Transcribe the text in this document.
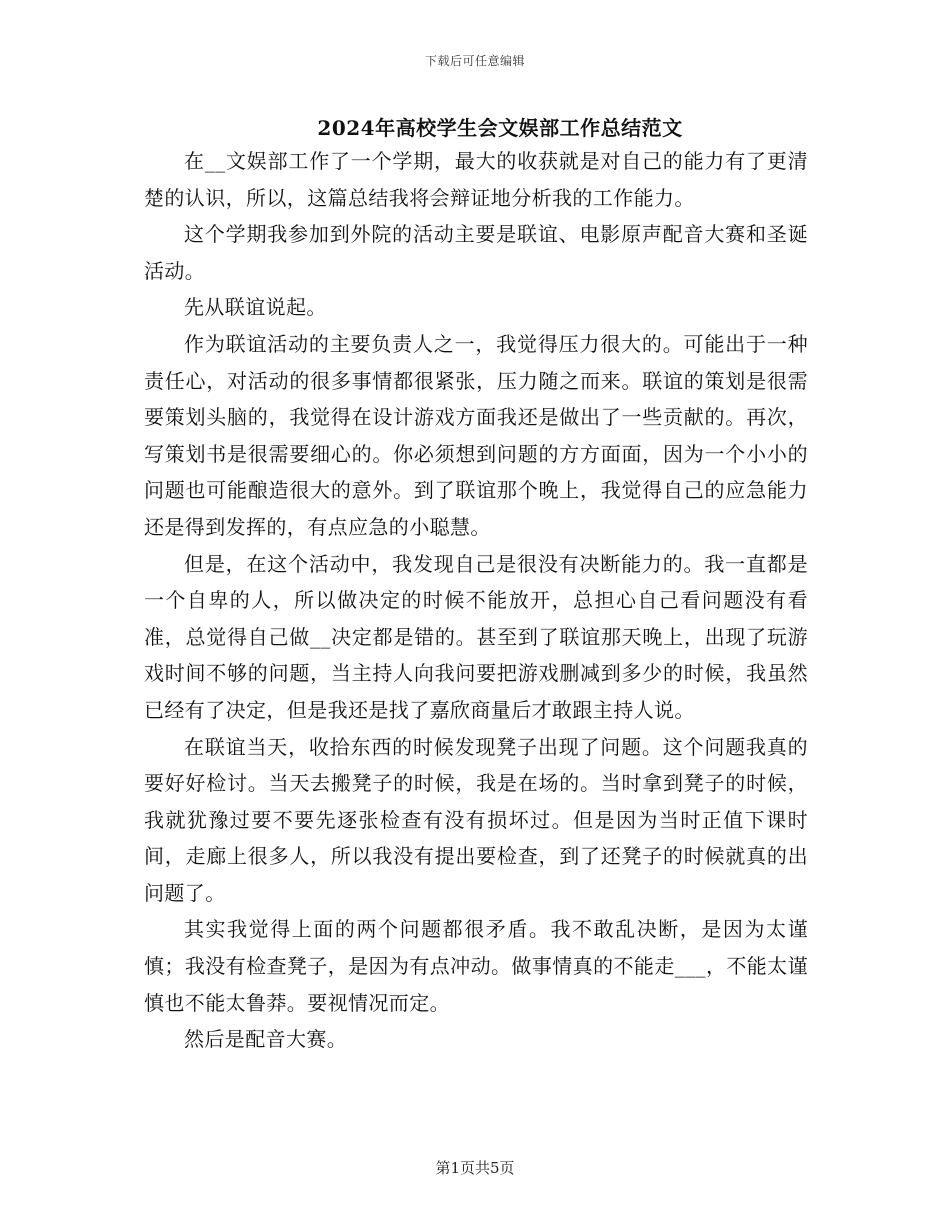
下载后可任意编辑
2024年高校学生会文娱部工作总结范文

在__文娱部工作了一个学期，最大的收获就是对自己的能力有了更清楚的认识，所以，这篇总结我将会辩证地分析我的工作能力。

这个学期我参加到外院的活动主要是联谊、电影原声配音大赛和圣诞活动。

先从联谊说起。

作为联谊活动的主要负责人之一，我觉得压力很大的。可能出于一种责任心，对活动的很多事情都很紧张，压力随之而来。联谊的策划是很需要策划头脑的，我觉得在设计游戏方面我还是做出了一些贡献的。再次，写策划书是很需要细心的。你必须想到问题的方方面面，因为一个小小的问题也可能酿造很大的意外。到了联谊那个晚上，我觉得自己的应急能力还是得到发挥的，有点应急的小聪慧。

但是，在这个活动中，我发现自己是很没有决断能力的。我一直都是一个自卑的人，所以做决定的时候不能放开，总担心自己看问题没有看准，总觉得自己做__决定都是错的。甚至到了联谊那天晚上，出现了玩游戏时间不够的问题，当主持人向我问要把游戏删减到多少的时候，我虽然已经有了决定，但是我还是找了嘉欣商量后才敢跟主持人说。

在联谊当天，收拾东西的时候发现凳子出现了问题。这个问题我真的要好好检讨。当天去搬凳子的时候，我是在场的。当时拿到凳子的时候，我就犹豫过要不要先逐张检查有没有损坏过。但是因为当时正值下课时间，走廊上很多人，所以我没有提出要检查，到了还凳子的时候就真的出问题了。

其实我觉得上面的两个问题都很矛盾。我不敢乱决断，是因为太谨慎；我没有检查凳子，是因为有点冲动。做事情真的不能走___，不能太谨慎也不能太鲁莽。要视情况而定。

然后是配音大赛。

第1页共5页
